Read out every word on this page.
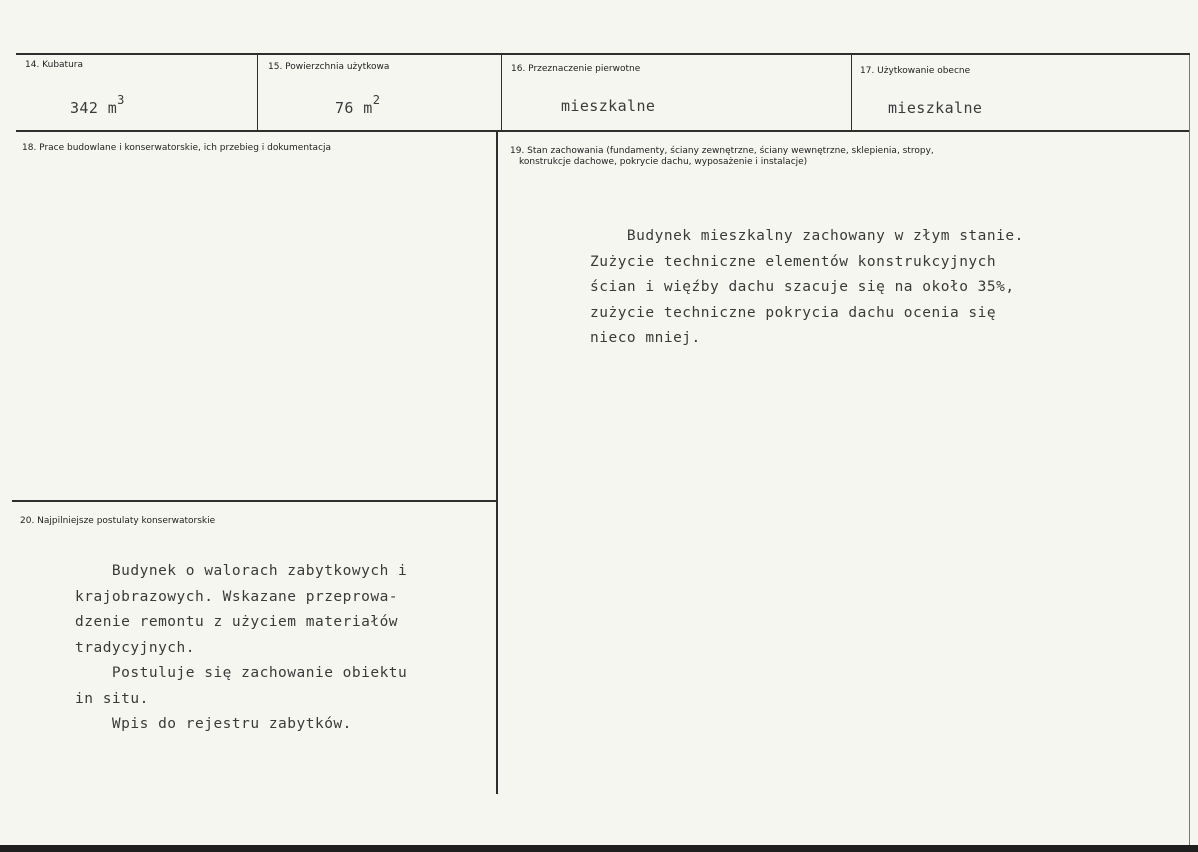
14. Kubatura
342 $m^3$
15. Powierzchnia użytkowa
76 $m^2$
16. Przeznaczenie pierwotne
mieszkalne
17. Użytkowanie obecne
mieszkalne
18. Prace budowlane i konserwatorskie, ich przebieg i dokumentacja	19. Stan zachowania (fundamenty, ściany zewnętrzne, ściany wewnętrzne, sklepienia, stropy,
konstrukcje dachowe, pokrycie dachu, wyposażenie i instalacje)
Budynek mieszkalny zachowany w złym stanie.
Zużycie techniczne elementów konstrukcyjnych
ścian i więźby dachu szacuje się na około 35%,
zużycie techniczne pokrycia dachu ocenia się
nieco mniej.
20. Najpilniejsze postulaty konserwatorskie
Budynek o walorach zabytkowych i
krajobrazowych. Wskazane przeprowa-
dzenie remontu z użyciem materiałów
tradycyjnych.
Postuluje się zachowanie obiektu
in situ.
Wpis do rejestru zabytków.
